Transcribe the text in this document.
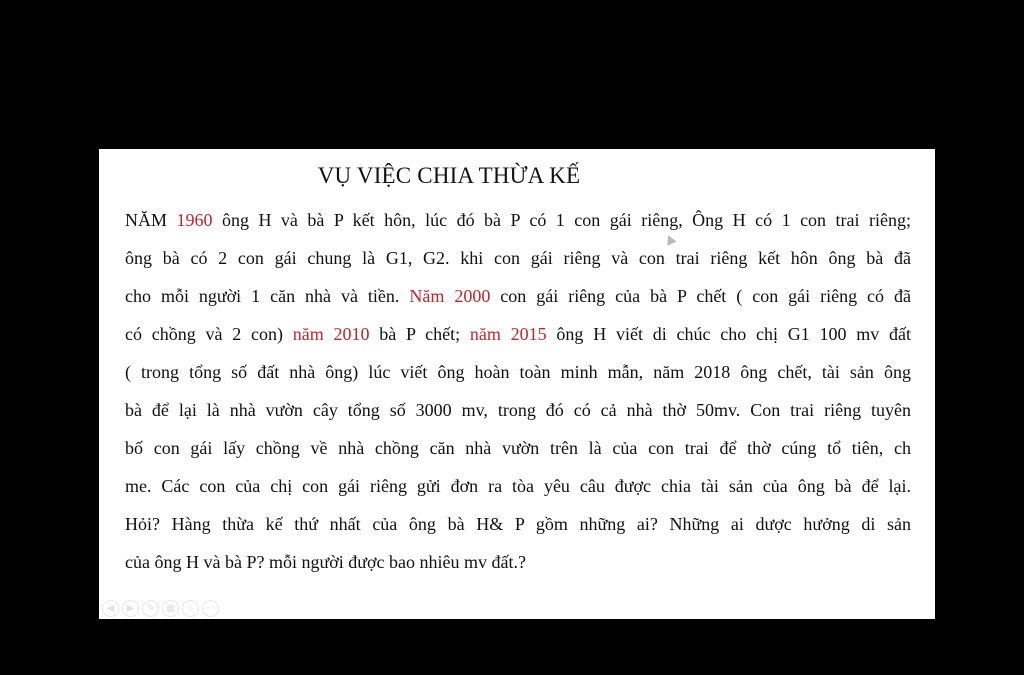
VỤ VIỆC CHIA THỪA KẾ
NĂM 1960 ông H và bà P kết hôn, lúc đó bà P có 1 con gái riêng, Ông H có 1 con trai riêng;
ông bà có 2 con gái chung là G1, G2. khi con gái riêng và con trai riêng kết hôn ông bà đã
cho mỗi người 1 căn nhà và tiền. Năm 2000 con gái riêng của bà P chết ( con gái riêng có đã
có chồng và 2 con) năm 2010 bà P chết; năm 2015 ông H viết di chúc cho chị G1 100 mv đất
( trong tổng số đất nhà ông) lúc viết ông hoàn toàn minh mẫn, năm 2018 ông chết, tài sản ông
bà để lại là nhà vườn cây tổng số 3000 mv, trong đó có cả nhà thờ 50mv. Con trai riêng tuyên
bố con gái lấy chồng về nhà chồng căn nhà vườn trên là của con trai để thờ cúng tổ tiên, ch
me. Các con của chị con gái riêng gửi đơn ra tòa yêu câu được chia tài sản của ông bà để lại.
Hỏi? Hàng thừa kế thứ nhất của ông bà H& P gồm những ai? Những ai dược hưởng di sản
của ông H và bà P? mỗi người được bao nhiêu mv đất.?
◀	▶	✎	▦	⌕	⋯
